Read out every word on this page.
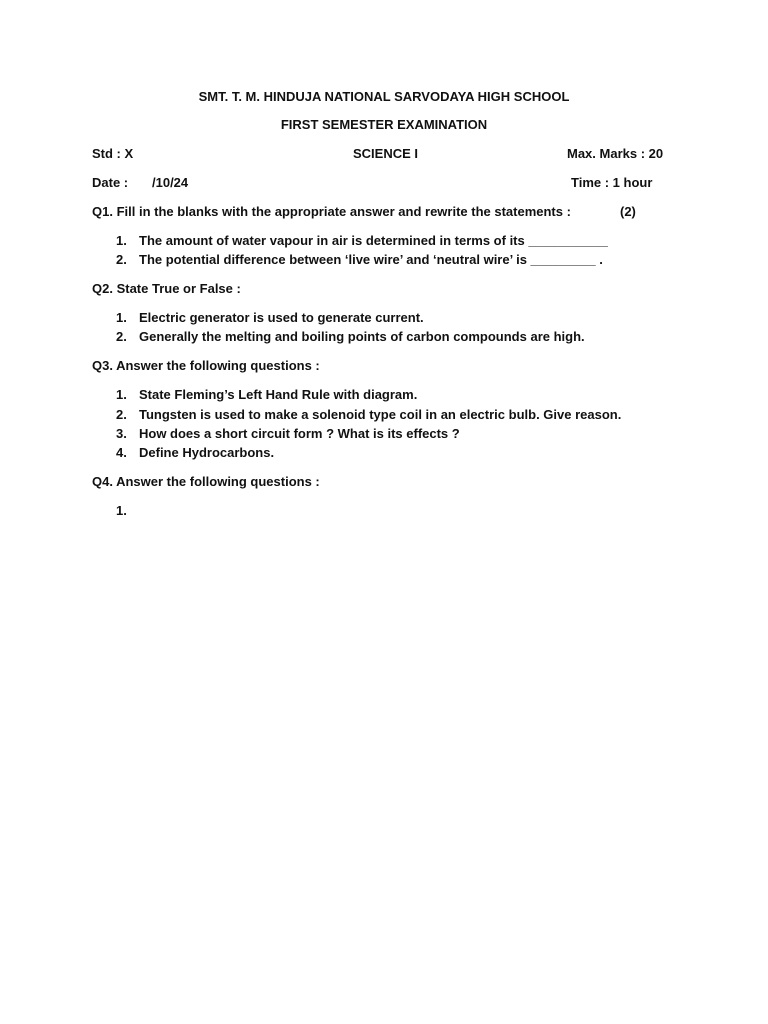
SMT. T. M. HINDUJA NATIONAL SARVODAYA HIGH SCHOOL
FIRST SEMESTER EXAMINATION
Std : X	SCIENCE I	Max. Marks : 20
Date : /10/24	Time : 1 hour
Q1. Fill in the blanks with the appropriate answer and rewrite the statements :	(2)
1. The amount of water vapour in air is determined in terms of its ___________
2. The potential difference between ‘live wire’ and ‘neutral wire’ is _________ .
Q2. State True or False :
1. Electric generator is used to generate current.
2. Generally the melting and boiling points of carbon compounds are high.
Q3. Answer the following questions :
1. State Fleming’s Left Hand Rule with diagram.
2. Tungsten is used to make a solenoid type coil in an electric bulb. Give reason.
3. How does a short circuit form ? What is its effects ?
4. Define Hydrocarbons.
Q4. Answer the following questions :
1.
